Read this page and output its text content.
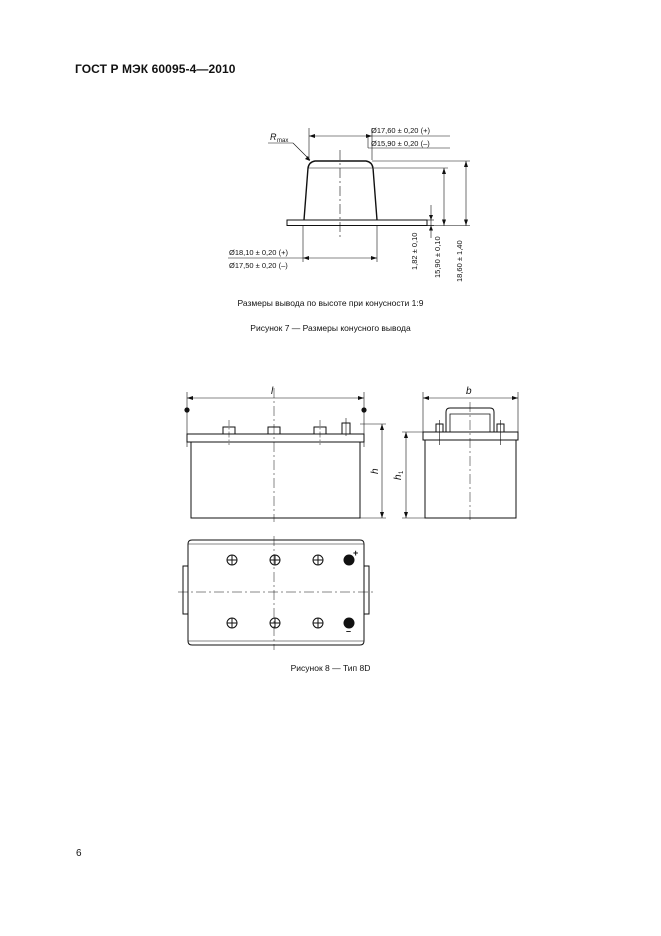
ГОСТ Р МЭК 60095-4—2010
R max
Ø17,60 ± 0,20 (+)
Ø15,90 ± 0,20 (–)
Ø18,10 ± 0,20 (+)
Ø17,50 ± 0,20 (–)	1,82 ± 0,10 15,90 ± 0,10 18,60 ± 1,40
l
h
b
h
1
+
–
Размеры вывода по высоте при конусности 1:9
Рисунок 7 — Размеры конусного вывода
Рисунок 8 — Тип 8D
6
